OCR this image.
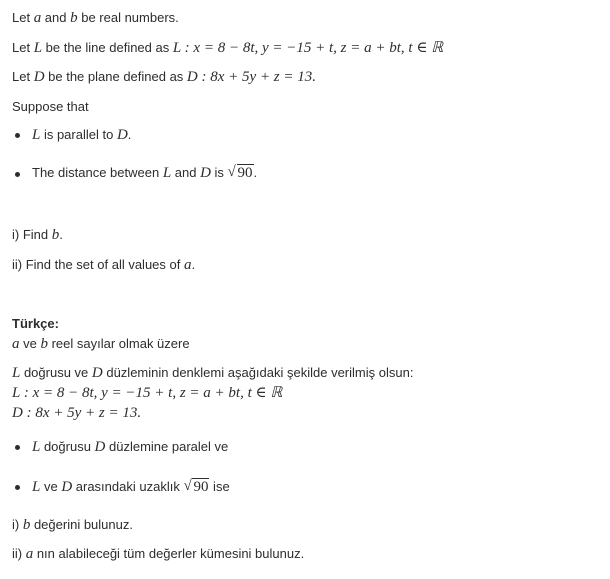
Let a and b be real numbers.
Let L be the line defined as L : x = 8 − 8t, y = −15 + t, z = a + bt, t ∈ ℝ
Let D be the plane defined as D : 8x + 5y + z = 13.
Suppose that
L is parallel to D.
The distance between L and D is √ 90.
i) Find b.
ii) Find the set of all values of a.
Türkçe:
a ve b reel sayılar olmak üzere
L doğrusu ve D düzleminin denklemi aşağıdaki şekilde verilmiş olsun:
L : x = 8 − 8t, y = −15 + t, z = a + bt, t ∈ ℝ
D : 8x + 5y + z = 13.
L doğrusu D düzlemine paralel ve
L ve D arasındaki uzaklık √ 90 ise
i) b değerini bulunuz.
ii) a nın alabileceği tüm değerler kümesini bulunuz.
